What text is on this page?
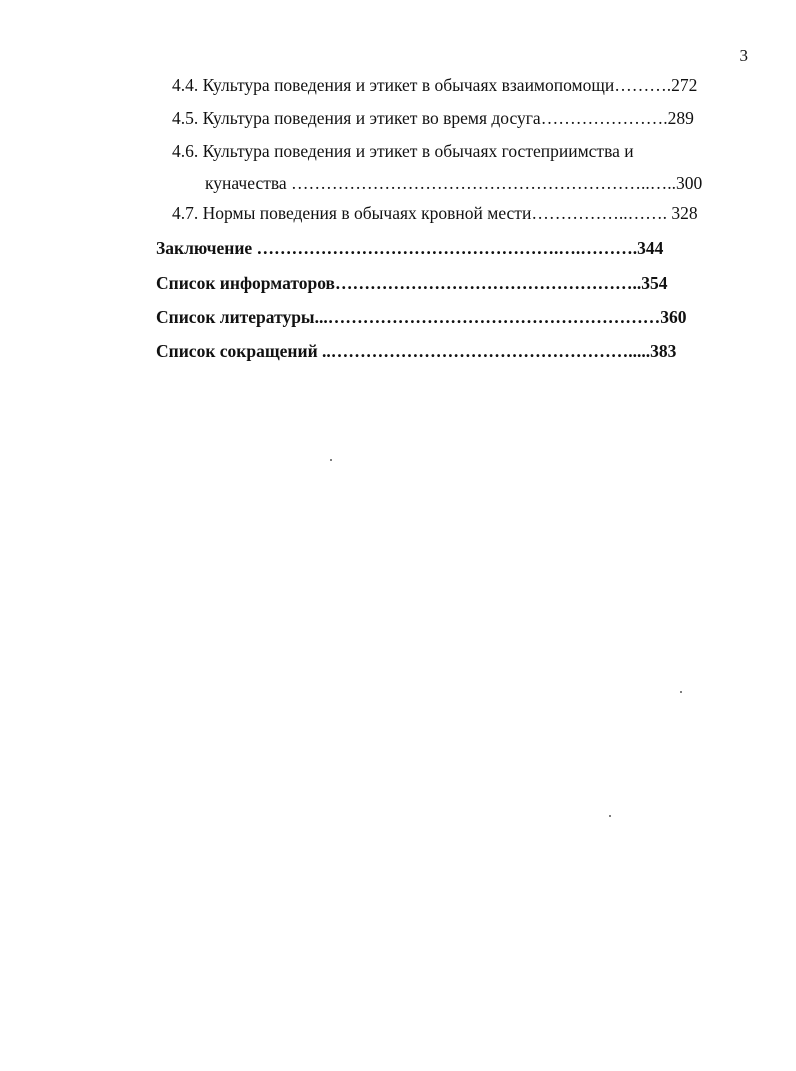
3
4.4. Культура поведения и этикет в обычаях взаимопомощи……….272
4.5. Культура поведения и этикет во время досуга………………….289
4.6. Культура поведения и этикет в обычаях гостеприимства и
куначества ……………………………………………………..…..300
4.7. Нормы поведения в обычаях кровной мести……………..……. 328
Заключение …………………………………………….….……….344
Список информаторов……………………………………………..354
Список литературы...…………………………………………………360
Список сокращений ..…………………………………………….....383
